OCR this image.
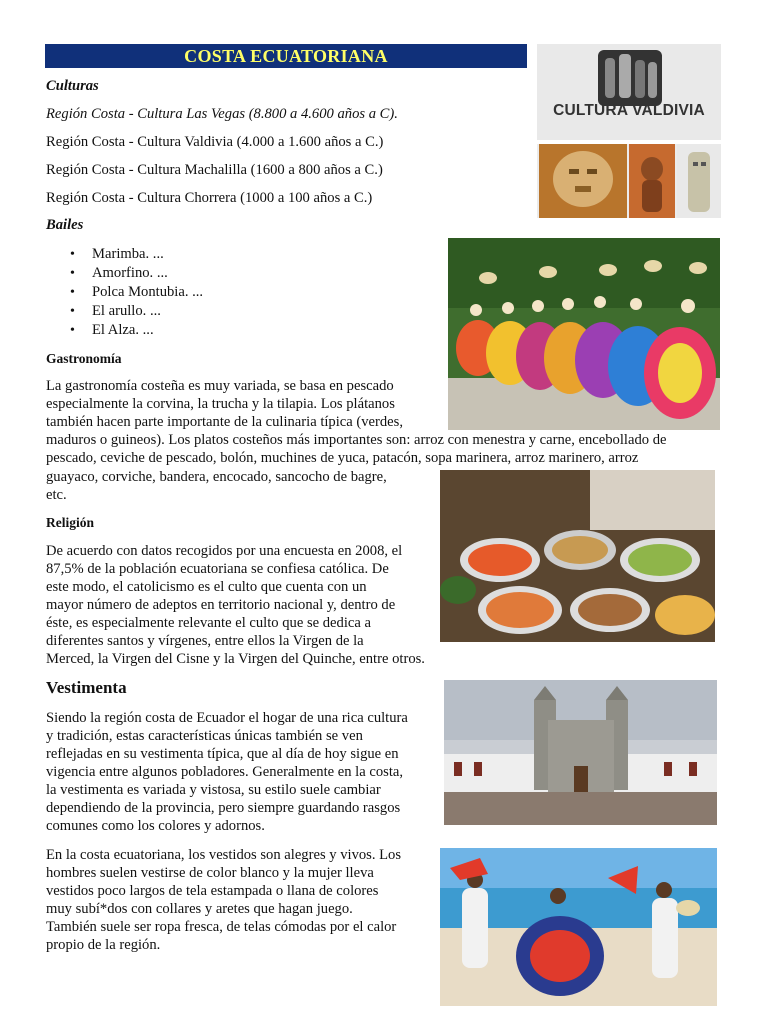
COSTA ECUATORIANA
Culturas
Región Costa - Cultura Las Vegas (8.800 a 4.600 años a C).
Región Costa - Cultura Valdivia (4.000 a 1.600 años a C.)
Región Costa - Cultura Machalilla (1600 a 800 años a C.)
Región Costa - Cultura Chorrera (1000 a 100 años a C.)
Bailes
• Marimba. ...
• Amorfino. ...
• Polca Montubia. ...
• El arullo. ...
• El Alza. ...
Gastronomía
La gastronomía costeña es muy variada, se basa en pescado
especialmente la corvina, la trucha y la tilapia. Los plátanos
también hacen parte importante de la culinaria típica (verdes,
maduros o guineos). Los platos costeños más importantes son: arroz con menestra y carne, encebollado de
pescado, ceviche de pescado, bolón, muchines de yuca, patacón, sopa marinera, arroz marinero, arroz
guayaco, corviche, bandera, encocado, sancocho de bagre,
etc.
Religión
De acuerdo con datos recogidos por una encuesta en 2008, el
87,5% de la población ecuatoriana se confiesa católica. De
este modo, el catolicismo es el culto que cuenta con un
mayor número de adeptos en territorio nacional y, dentro de
éste, es especialmente relevante el culto que se dedica a
diferentes santos y vírgenes, entre ellos la Virgen de la
Merced, la Virgen del Cisne y la Virgen del Quinche, entre otros.
Vestimenta
Siendo la región costa de Ecuador el hogar de una rica cultura
y tradición, estas características únicas también se ven
reflejadas en su vestimenta típica, que al día de hoy sigue en
vigencia entre algunos pobladores. Generalmente en la costa,
la vestimenta es variada y vistosa, su estilo suele cambiar
dependiendo de la provincia, pero siempre guardando rasgos
comunes como los colores y adornos.
En la costa ecuatoriana, los vestidos son alegres y vivos. Los
hombres suelen vestirse de color blanco y la mujer lleva
vestidos poco largos de tela estampada o llana de colores
muy subí*dos con collares y aretes que hagan juego.
También suele ser ropa fresca, de telas cómodas por el calor
propio de la región.
CULTURA VALDIVIA
